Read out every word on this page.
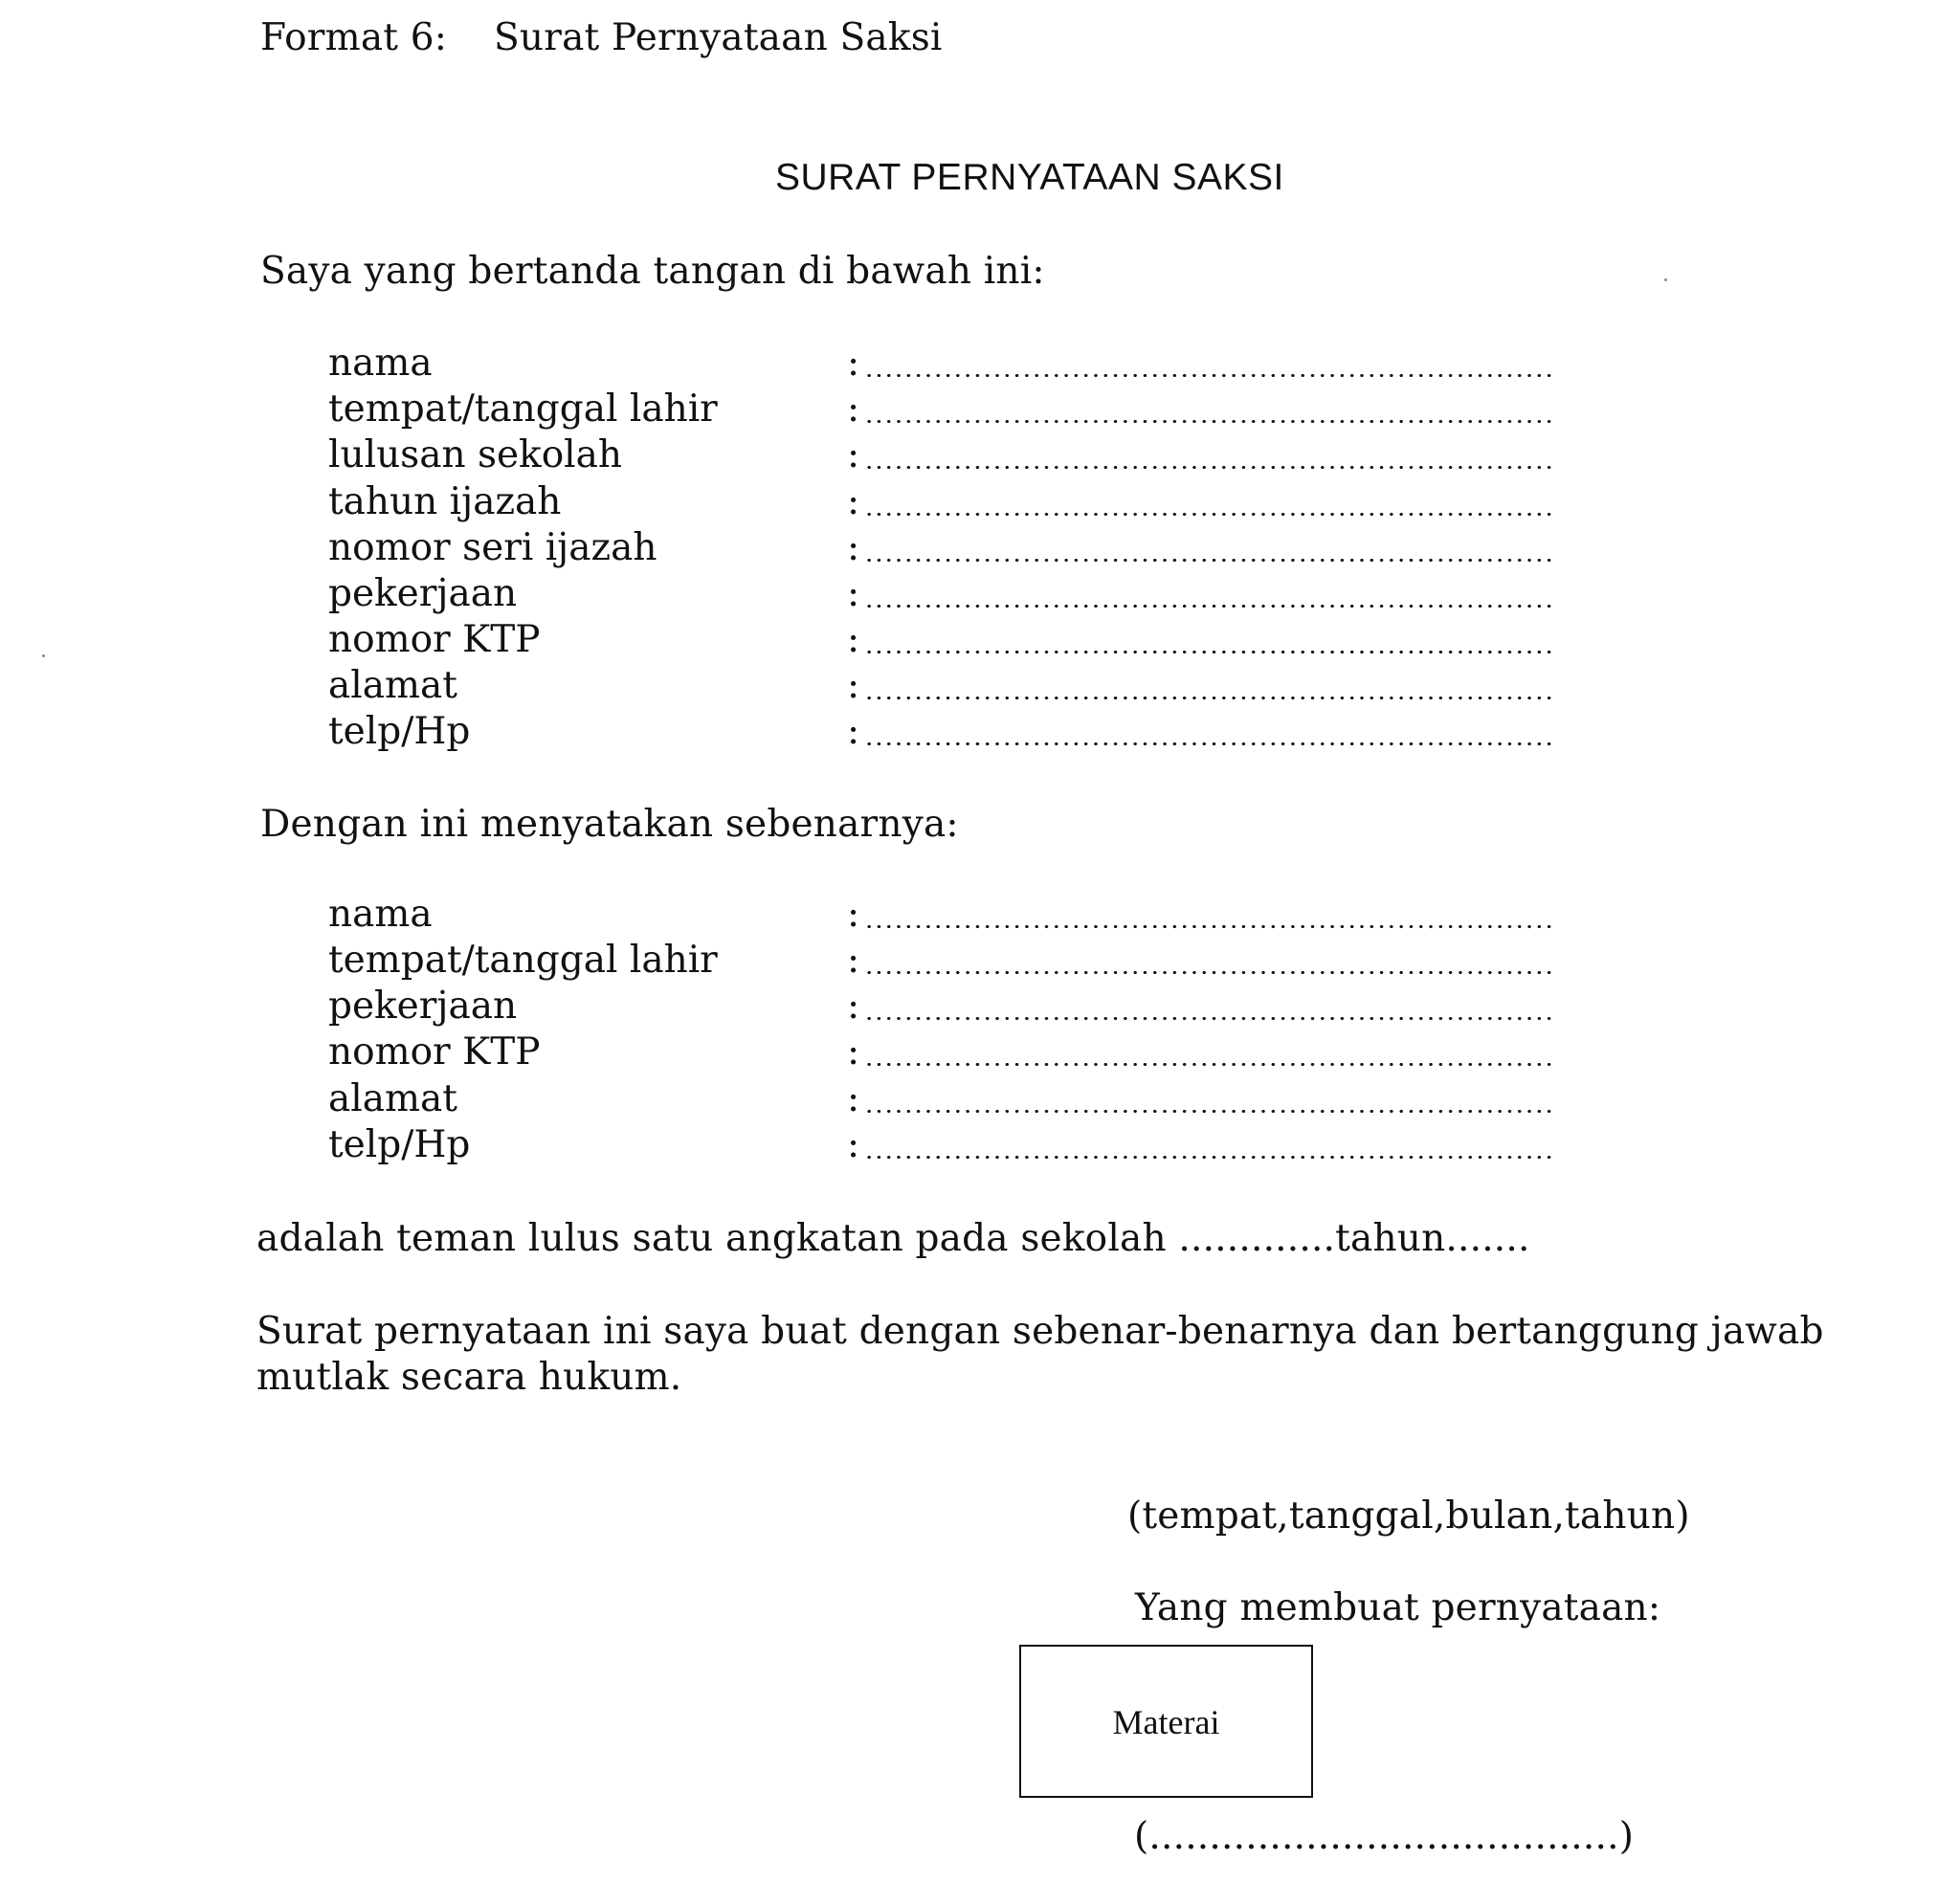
Format 6: Surat Pernyataan Saksi
SURAT PERNYATAAN SAKSI
Saya yang bertanda tangan di bawah ini:
nama	:
tempat/tanggal lahir	:
lulusan sekolah	:
tahun ijazah	:
nomor seri ijazah	:
pekerjaan	:
nomor KTP	:
alamat	:
telp/Hp	:
Dengan ini menyatakan sebenarnya:
nama	:
tempat/tanggal lahir	:
pekerjaan	:
nomor KTP	:
alamat	:
telp/Hp	:
adalah teman lulus satu angkatan pada sekolah .............tahun.......
Surat pernyataan ini saya buat dengan sebenar-benarnya dan bertanggung jawab
mutlak secara hukum.
(tempat,tanggal,bulan,tahun)
Yang membuat pernyataan:
Materai
(.......................................)
